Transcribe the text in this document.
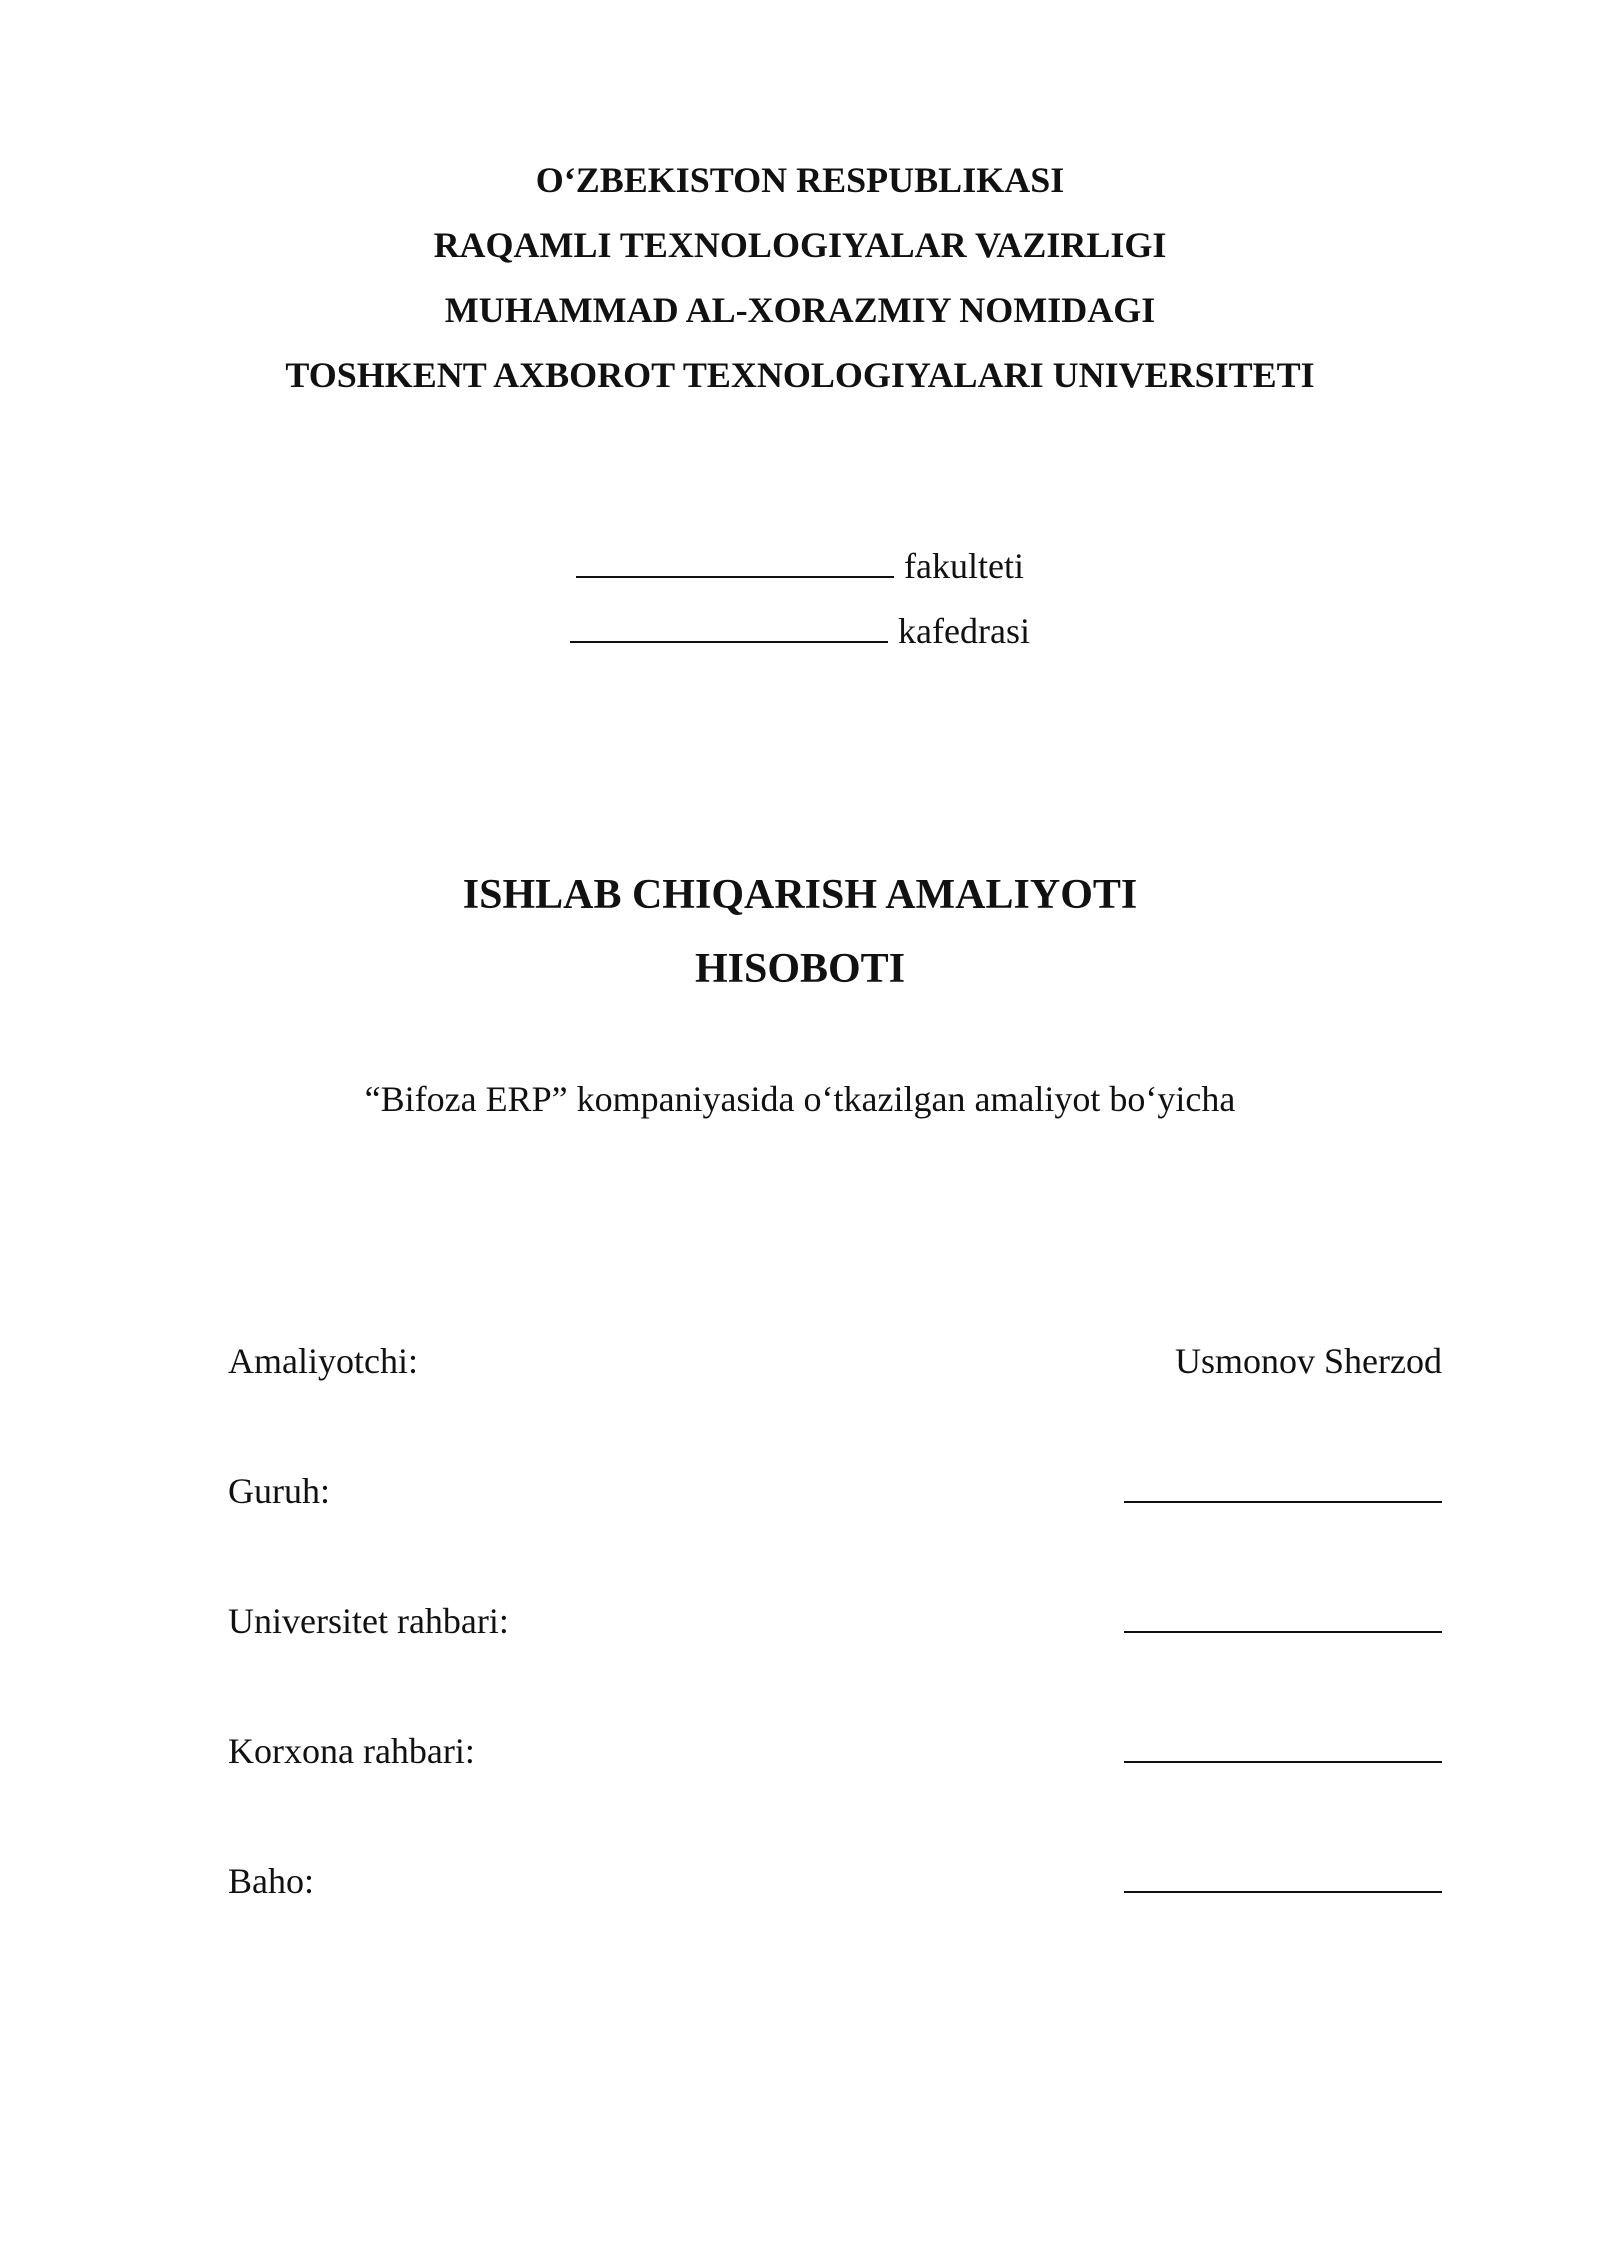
O‘ZBEKISTON RESPUBLIKASI
RAQAMLI TEXNOLOGIYALAR VAZIRLIGI
MUHAMMAD AL-XORAZMIY NOMIDAGI
TOSHKENT AXBOROT TEXNOLOGIYALARI UNIVERSITETI
fakulteti
kafedrasi
ISHLAB CHIQARISH AMALIYOTI
HISOBOTI
“Bifoza ERP” kompaniyasida o‘tkazilgan amaliyot bo‘yicha
Amaliyotchi:	Usmonov Sherzod
Guruh:
Universitet rahbari:
Korxona rahbari:
Baho:
